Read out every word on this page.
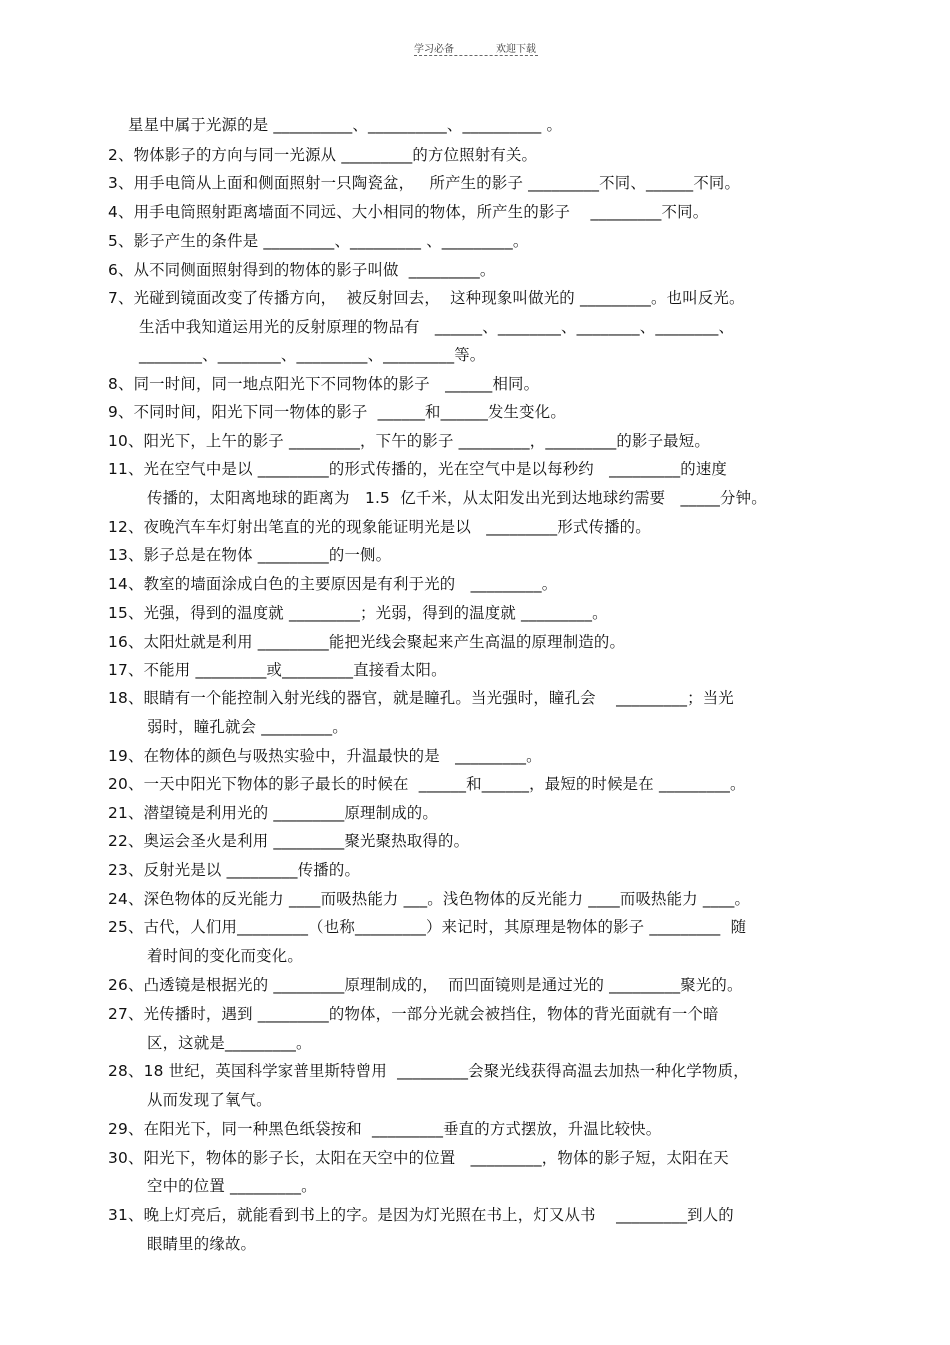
学习必备	欢迎下载
星星中属于光源的是 __________、__________、__________ 。
2、物体影子的方向与同一光源从 _________的方位照射有关。
3、用手电筒从上面和侧面照射一只陶瓷盆，   所产生的影子 _________不同、______不同。
4、用手电筒照射距离墙面不同远、大小相同的物体，所产生的影子    _________不同。
5、影子产生的条件是 _________、_________ 、_________。
6、从不同侧面照射得到的物体的影子叫做  _________。
7、光碰到镜面改变了传播方向，  被反射回去，  这种现象叫做光的 _________。也叫反光。
生活中我知道运用光的反射原理的物品有   ______、________、________、________、
________、________、_________、_________等。
8、同一时间，同一地点阳光下不同物体的影子   ______相同。
9、不同时间，阳光下同一物体的影子  ______和______发生变化。
10、阳光下，上午的影子 _________，下午的影子 _________，_________的影子最短。
11、光在空气中是以 _________的形式传播的，光在空气中是以每秒约   _________的速度
传播的，太阳离地球的距离为   1.5  亿千米，从太阳发出光到达地球约需要   _____分钟。
12、夜晚汽车车灯射出笔直的光的现象能证明光是以   _________形式传播的。
13、影子总是在物体 _________的一侧。
14、教室的墙面涂成白色的主要原因是有利于光的   _________。
15、光强，得到的温度就 _________；光弱，得到的温度就 _________。
16、太阳灶就是利用 _________能把光线会聚起来产生高温的原理制造的。
17、不能用 _________或_________直接看太阳。
18、眼睛有一个能控制入射光线的器官，就是瞳孔。当光强时，瞳孔会    _________；当光
弱时，瞳孔就会 _________。
19、在物体的颜色与吸热实验中，升温最快的是   _________。
20、一天中阳光下物体的影子最长的时候在  ______和______，最短的时候是在 _________。
21、潜望镜是利用光的 _________原理制成的。
22、奥运会圣火是利用 _________聚光聚热取得的。
23、反射光是以 _________传播的。
24、深色物体的反光能力 ____而吸热能力 ___。浅色物体的反光能力 ____而吸热能力 ____。
25、古代，人们用_________（也称_________）来记时，其原理是物体的影子 _________  随
着时间的变化而变化。
26、凸透镜是根据光的 _________原理制成的，  而凹面镜则是通过光的 _________聚光的。
27、光传播时，遇到 _________的物体，一部分光就会被挡住，物体的背光面就有一个暗
区，这就是_________。
28、18 世纪，英国科学家普里斯特曾用  _________会聚光线获得高温去加热一种化学物质，
从而发现了氧气。
29、在阳光下，同一种黑色纸袋按和  _________垂直的方式摆放，升温比较快。
30、阳光下，物体的影子长，太阳在天空中的位置   _________，物体的影子短，太阳在天
空中的位置 _________。
31、晚上灯亮后，就能看到书上的字。是因为灯光照在书上，灯又从书    _________到人的
眼睛里的缘故。
